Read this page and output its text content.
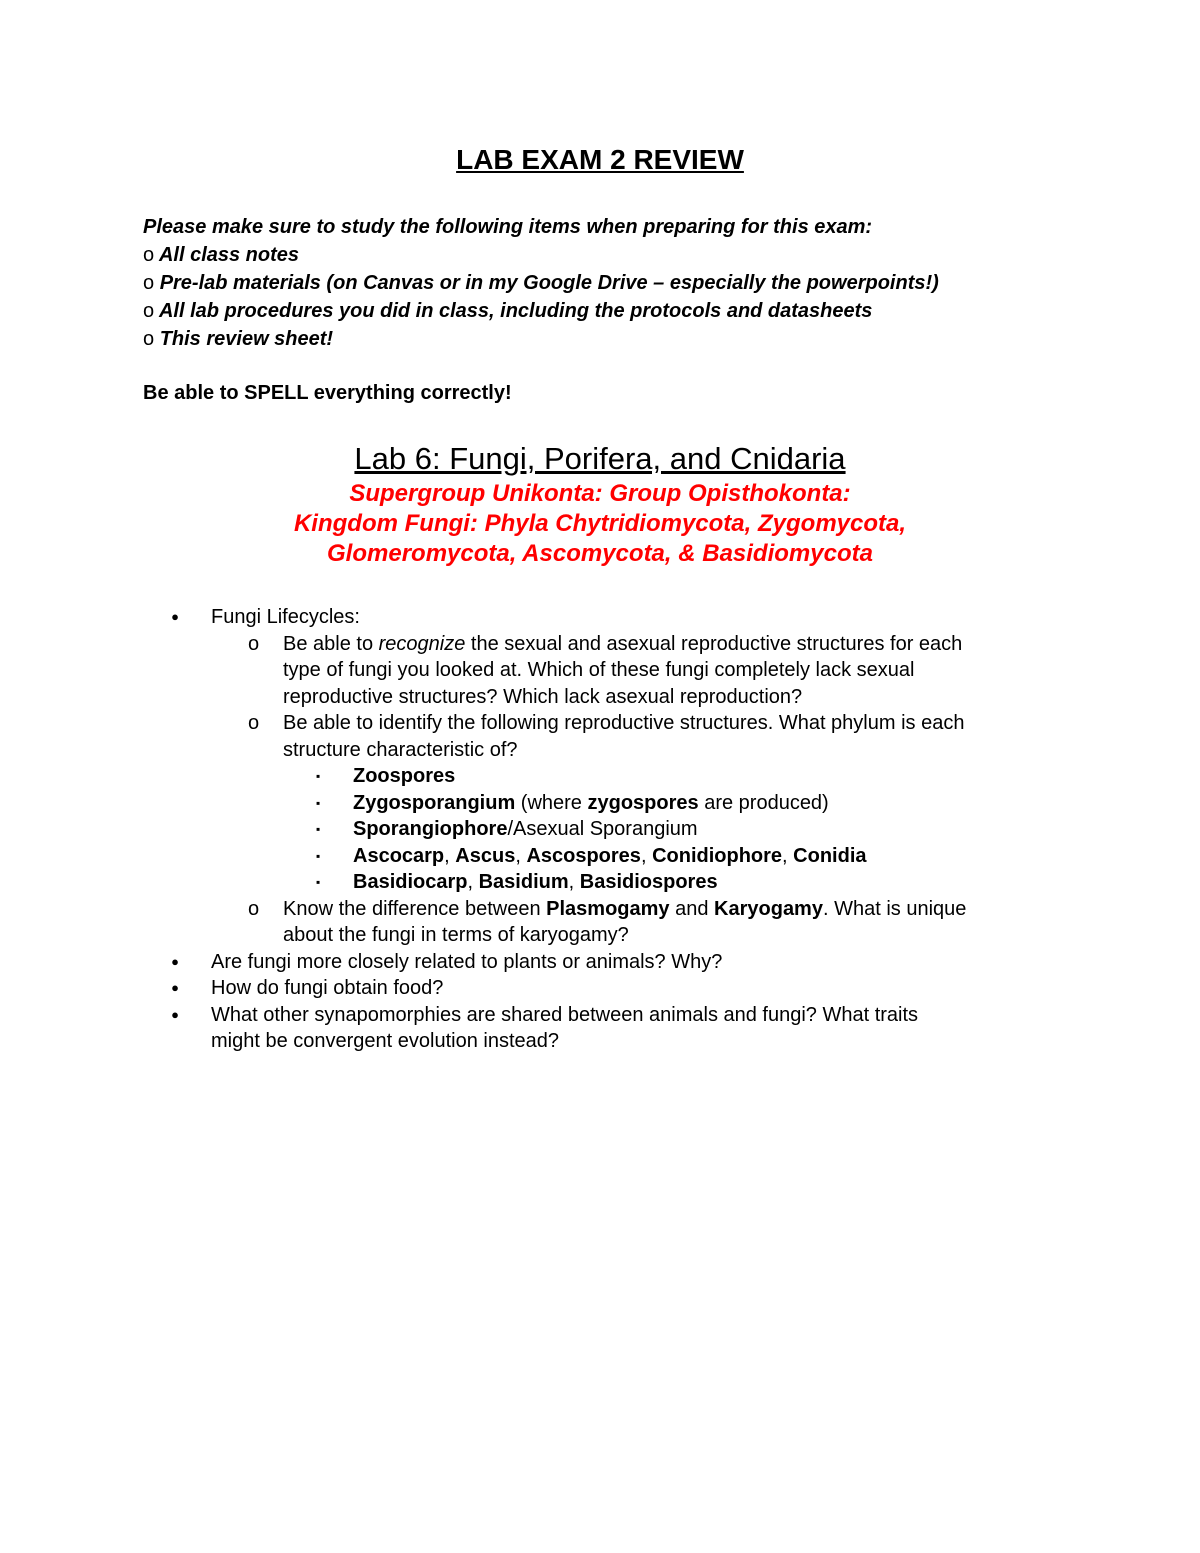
LAB EXAM 2 REVIEW
Please make sure to study the following items when preparing for this exam:
o All class notes
o Pre-lab materials (on Canvas or in my Google Drive – especially the powerpoints!)
o All lab procedures you did in class, including the protocols and datasheets
o This review sheet!
Be able to SPELL everything correctly!
Lab 6: Fungi, Porifera, and Cnidaria
Supergroup Unikonta: Group Opisthokonta:
Kingdom Fungi: Phyla Chytridiomycota, Zygomycota,
Glomeromycota, Ascomycota, & Basidiomycota
● Fungi Lifecycles:
o Be able to recognize the sexual and asexual reproductive structures for each
type of fungi you looked at. Which of these fungi completely lack sexual
reproductive structures? Which lack asexual reproduction?
o Be able to identify the following reproductive structures. What phylum is each
structure characteristic of?
▪ Zoospores
▪ Zygosporangium (where zygospores are produced)
▪ Sporangiophore/Asexual Sporangium
▪ Ascocarp, Ascus, Ascospores, Conidiophore, Conidia
▪ Basidiocarp, Basidium, Basidiospores
o Know the difference between Plasmogamy and Karyogamy. What is unique
about the fungi in terms of karyogamy?
● Are fungi more closely related to plants or animals? Why?
● How do fungi obtain food?
● What other synapomorphies are shared between animals and fungi? What traits
might be convergent evolution instead?
